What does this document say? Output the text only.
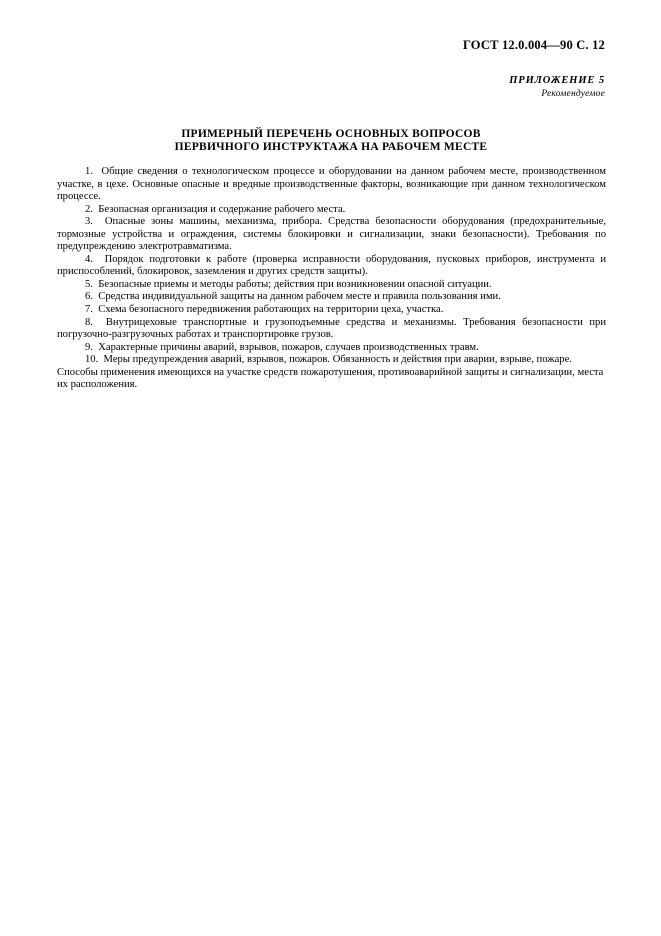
ГОСТ 12.0.004—90 С. 12
ПРИЛОЖЕНИЕ 5
Рекомендуемое
ПРИМЕРНЫЙ ПЕРЕЧЕНЬ ОСНОВНЫХ ВОПРОСОВ
ПЕРВИЧНОГО ИНСТРУКТАЖА НА РАБОЧЕМ МЕСТЕ

1.  Общие сведения о технологическом процессе и оборудовании на данном рабочем месте, производственном участке, в цехе. Основные опасные и вредные производственные факторы, возникающие при данном технологическом процессе.

2.  Безопасная организация и содержание рабочего места.

3.  Опасные зоны машины, механизма, прибора. Средства безопасности оборудования (предохранительные, тормозные устройства и ограждения, системы блокировки и сигнализации, знаки безопасности). Требования по предупреждению электротравматизма.

4.  Порядок подготовки к работе (проверка исправности оборудования, пусковых приборов, инструмента и приспособлений, блокировок, заземления и других средств защиты).

5.  Безопасные приемы и методы работы; действия при возникновении опасной ситуации.

6.  Средства индивидуальной защиты на данном рабочем месте и правила пользования ими.

7.  Схема безопасного передвижения работающих на территории цеха, участка.

8.  Внутрицеховые транспортные и грузоподъемные средства и механизмы. Требования безопасности при погрузочно-разгрузочных работах и транспортировке грузов.

9.  Характерные причины аварий, взрывов, пожаров, случаев производственных травм.

10.  Меры предупреждения аварий, взрывов, пожаров. Обязанность и действия при аварии, взрыве, пожаре. Способы применения имеющихся на участке средств пожаротушения, противоаварийной защиты и сигнализации, места их расположения.
